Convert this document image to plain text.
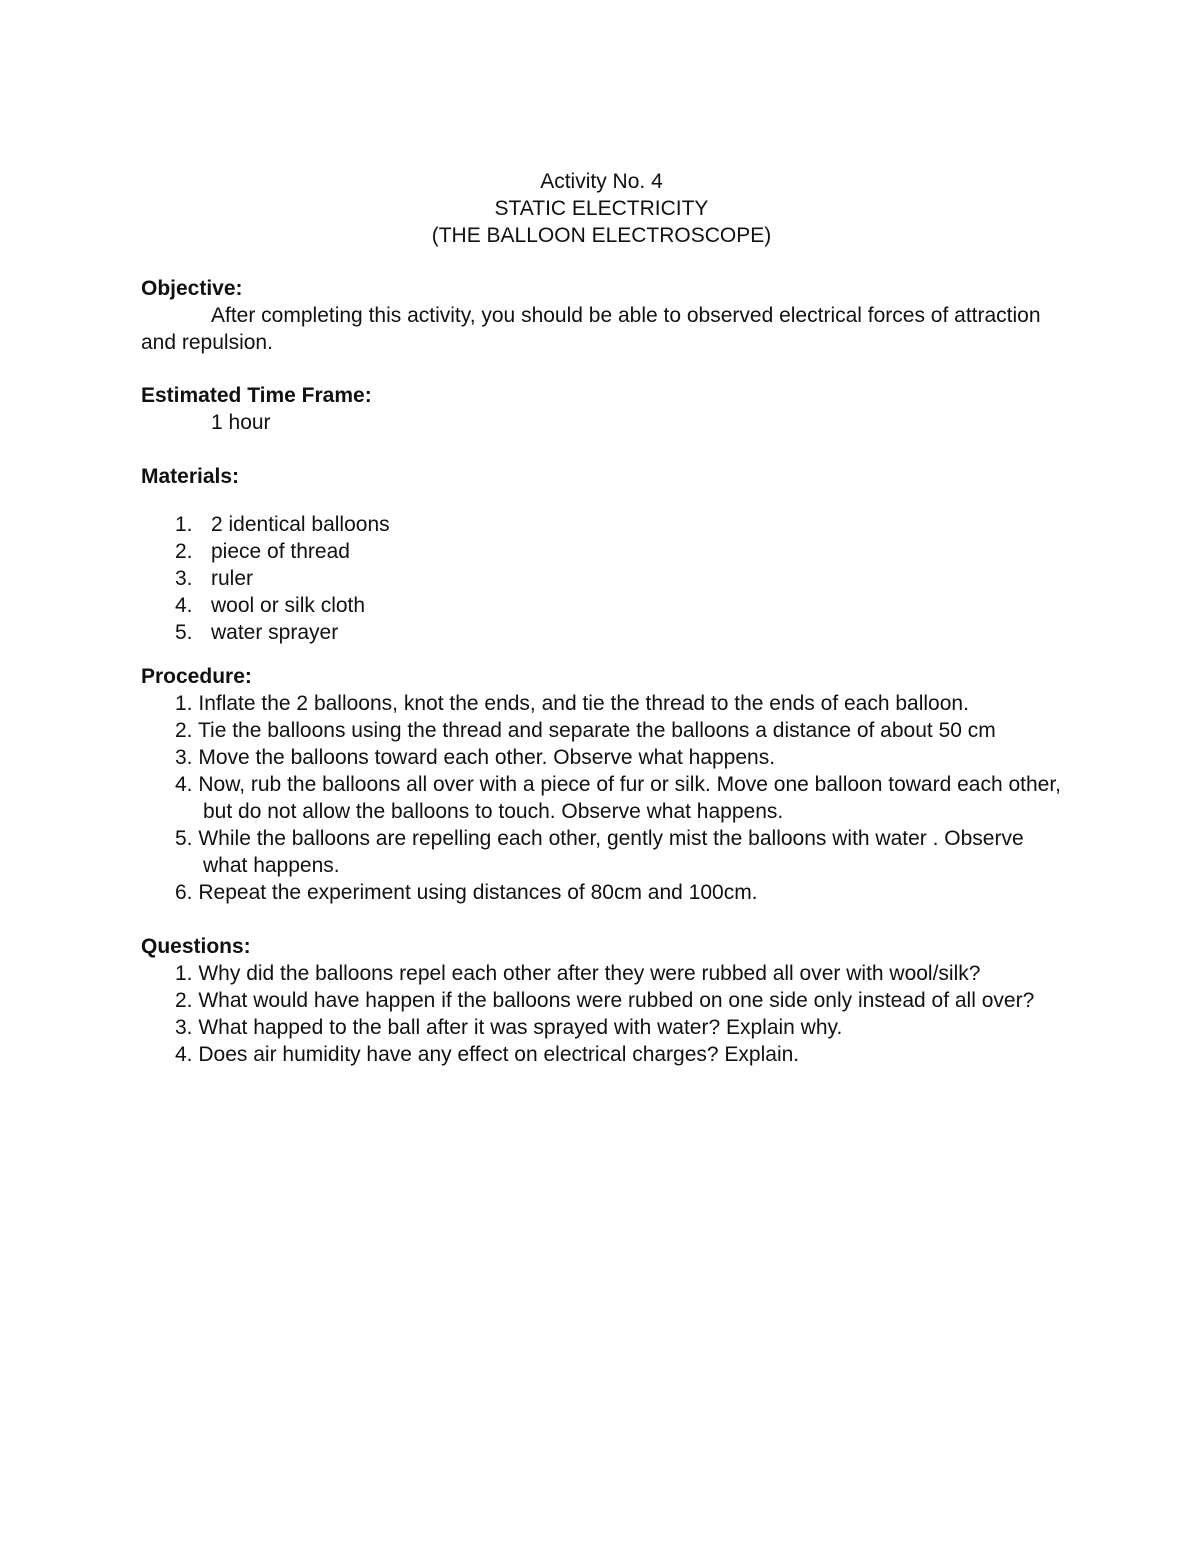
Activity No. 4
STATIC ELECTRICITY
(THE BALLOON ELECTROSCOPE)
Objective:

After completing this activity, you should be able to observed electrical forces of attraction and repulsion.

Estimated Time Frame:

1 hour

Materials:
1. 2 identical balloons
2. piece of thread
3. ruler
4. wool or silk cloth
5. water sprayer
Procedure:

1. Inflate the 2 balloons, knot the ends, and tie the thread to the ends of each balloon.

2. Tie the balloons using the thread and separate the balloons a distance of about 50 cm

3. Move the balloons toward each other. Observe what happens.

4. Now, rub the balloons all over with a piece of fur or silk. Move one balloon toward each other, but do not allow the balloons to touch. Observe what happens.

5. While the balloons are repelling each other, gently mist the balloons with water . Observe what happens.

6. Repeat the experiment using distances of 80cm and 100cm.

Questions:

1. Why did the balloons repel each other after they were rubbed all over with wool/silk?

2. What would have happen if the balloons were rubbed on one side only instead of all over?

3. What happed to the ball after it was sprayed with water? Explain why.

4. Does air humidity have any effect on electrical charges? Explain.
